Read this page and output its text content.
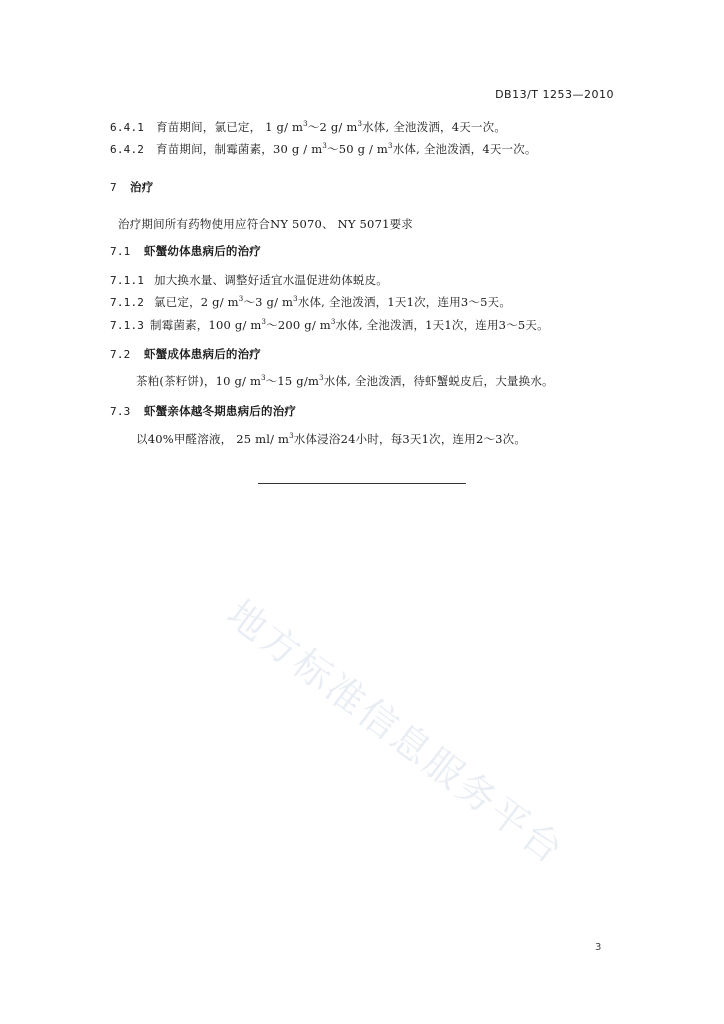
DB13/T 1253—2010
6.4.1 育苗期间，氯已定， 1 g/ $m^3\sim 2$ g/ $m^3$水体, 全池泼洒，4天一次。
6.4.2 育苗期间，制霉菌素，30 g / $m^3\sim 50$ g / $m^3$水体, 全池泼洒，4天一次。
7 治疗
治疗期间所有药物使用应符合NY 5070、 NY 5071要求
7.1 虾蟹幼体患病后的治疗
7.1.1 加大换水量、调整好适宜水温促进幼体蜕皮。
7.1.2 氯已定，2 g/ $m^3\sim 3$ g/ $m^3$水体, 全池泼洒，1天1次，连用3～5天。
7.1.3 制霉菌素，100 g/ $m^3\sim 200$ g/ $m^3$水体, 全池泼洒，1天1次，连用3～5天。
7.2 虾蟹成体患病后的治疗
茶粕(茶籽饼)，10 g/ $m^3\sim 15$ $g/m^3$水体, 全池泼洒，待虾蟹蜕皮后，大量换水。
7.3 虾蟹亲体越冬期患病后的治疗
以40%甲醛溶液， 25 ml/ $m^3$水体浸浴24小时，每3天1次，连用2～3次。
地方标准信息服务平台
3
